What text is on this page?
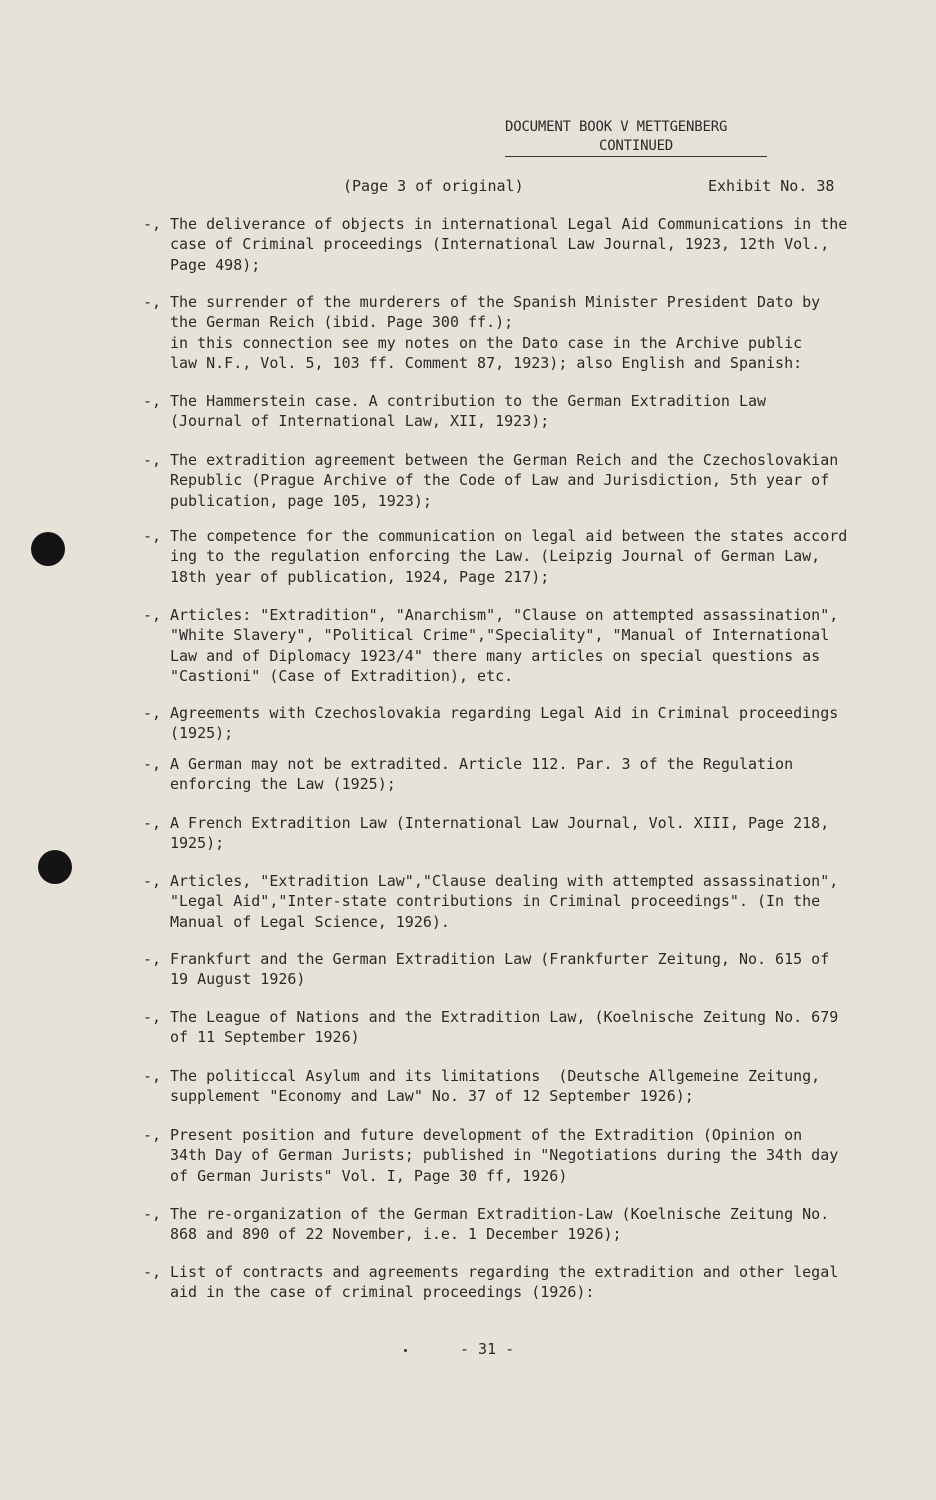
DOCUMENT BOOK V METTGENBERG
CONTINUED
(Page 3 of original)	Exhibit No. 38
-, The deliverance of objects in international Legal Aid Communications in the
case of Criminal proceedings (International Law Journal, 1923, 12th Vol.,
Page 498);
-, The surrender of the murderers of the Spanish Minister President Dato by
the German Reich (ibid. Page 300 ff.);
in this connection see my notes on the Dato case in the Archive public
law N.F., Vol. 5, 103 ff. Comment 87, 1923); also English and Spanish:
-, The Hammerstein case. A contribution to the German Extradition Law
(Journal of International Law, XII, 1923);
-, The extradition agreement between the German Reich and the Czechoslovakian
Republic (Prague Archive of the Code of Law and Jurisdiction, 5th year of
publication, page 105, 1923);
-, The competence for the communication on legal aid between the states accord
ing to the regulation enforcing the Law. (Leipzig Journal of German Law,
18th year of publication, 1924, Page 217);
-, Articles: "Extradition", "Anarchism", "Clause on attempted assassination",
"White Slavery", "Political Crime","Speciality", "Manual of International
Law and of Diplomacy 1923/4" there many articles on special questions as
"Castioni" (Case of Extradition), etc.
-, Agreements with Czechoslovakia regarding Legal Aid in Criminal proceedings
(1925);
-, A German may not be extradited. Article 112. Par. 3 of the Regulation
enforcing the Law (1925);
-, A French Extradition Law (International Law Journal, Vol. XIII, Page 218,
1925);
-, Articles, "Extradition Law","Clause dealing with attempted assassination",
"Legal Aid","Inter-state contributions in Criminal proceedings". (In the
Manual of Legal Science, 1926).
-, Frankfurt and the German Extradition Law (Frankfurter Zeitung, No. 615 of
19 August 1926)
-, The League of Nations and the Extradition Law, (Koelnische Zeitung No. 679
of 11 September 1926)
-, The politiccal Asylum and its limitations  (Deutsche Allgemeine Zeitung,
supplement "Economy and Law" No. 37 of 12 September 1926);
-, Present position and future development of the Extradition (Opinion on
34th Day of German Jurists; published in "Negotiations during the 34th day
of German Jurists" Vol. I, Page 30 ff, 1926)
-, The re-organization of the German Extradition-Law (Koelnische Zeitung No.
868 and 890 of 22 November, i.e. 1 December 1926);
-, List of contracts and agreements regarding the extradition and other legal
aid in the case of criminal proceedings (1926):
- 31 -
